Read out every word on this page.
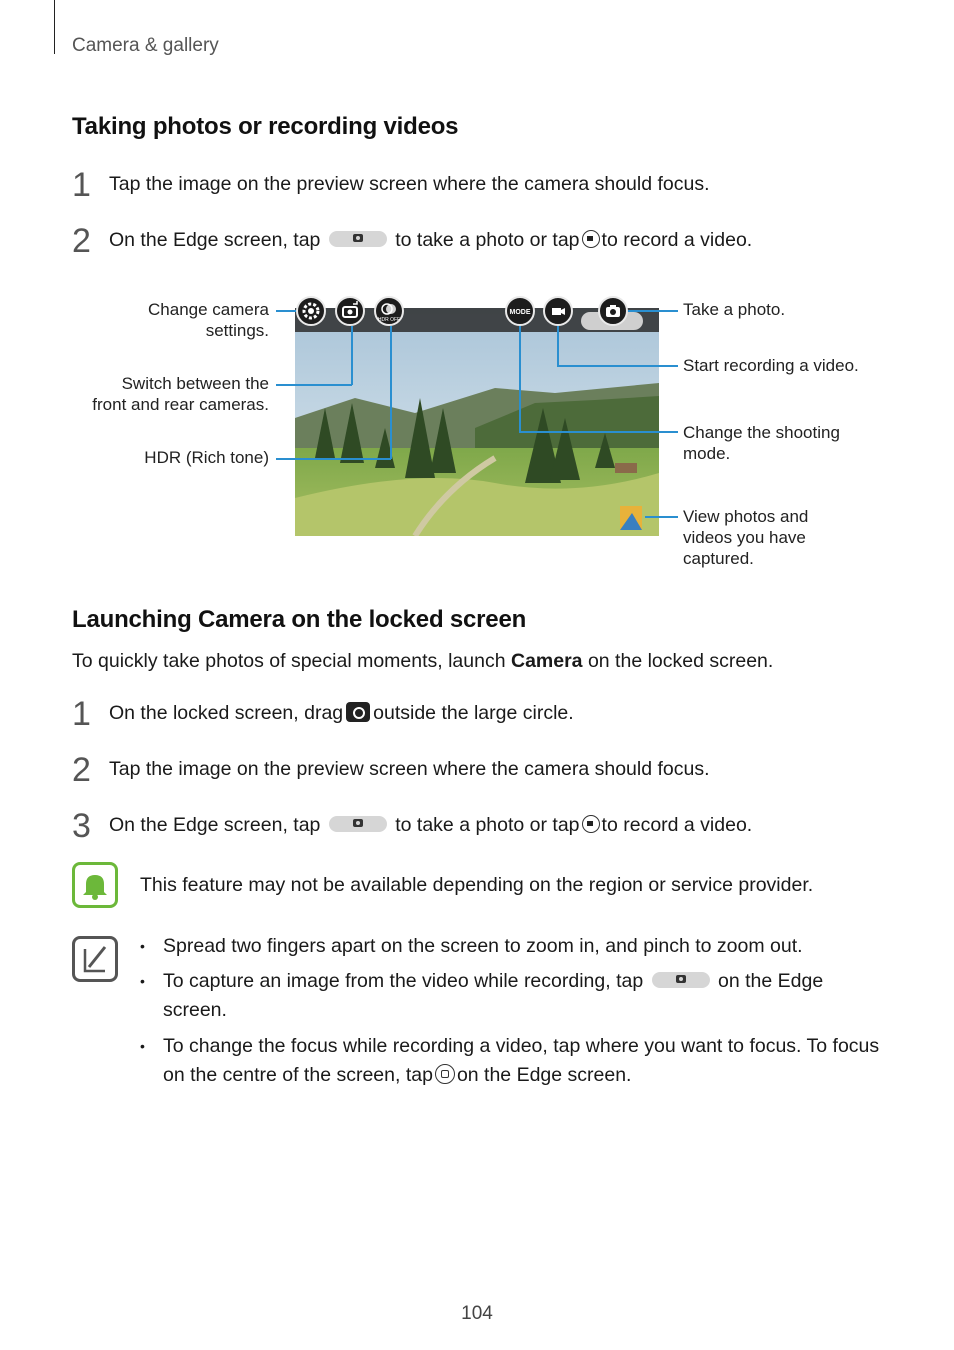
Camera & gallery
Taking photos or recording videos
1 Tap the image on the preview screen where the camera should focus.
2 On the Edge screen, tap	to take a photo or tap to record a video.
HDR OFF
MODE
Change camera
settings.
Switch between the
front and rear cameras.
HDR (Rich tone)
Take a photo.
Start recording a video.
Change the shooting
mode.
View photos and
videos you have
captured.
Launching Camera on the locked screen
To quickly take photos of special moments, launch Camera on the locked screen.
1 On the locked screen, drag outside the large circle.
2 Tap the image on the preview screen where the camera should focus.
3 On the Edge screen, tap	to take a photo or tap to record a video.
This feature may not be available depending on the region or service provider.
• Spread two fingers apart on the screen to zoom in, and pinch to zoom out.
• To capture an image from the video while recording, tap	on the Edge
screen.
• To change the focus while recording a video, tap where you want to focus. To focus
on the centre of the screen, tap on the Edge screen.
104
